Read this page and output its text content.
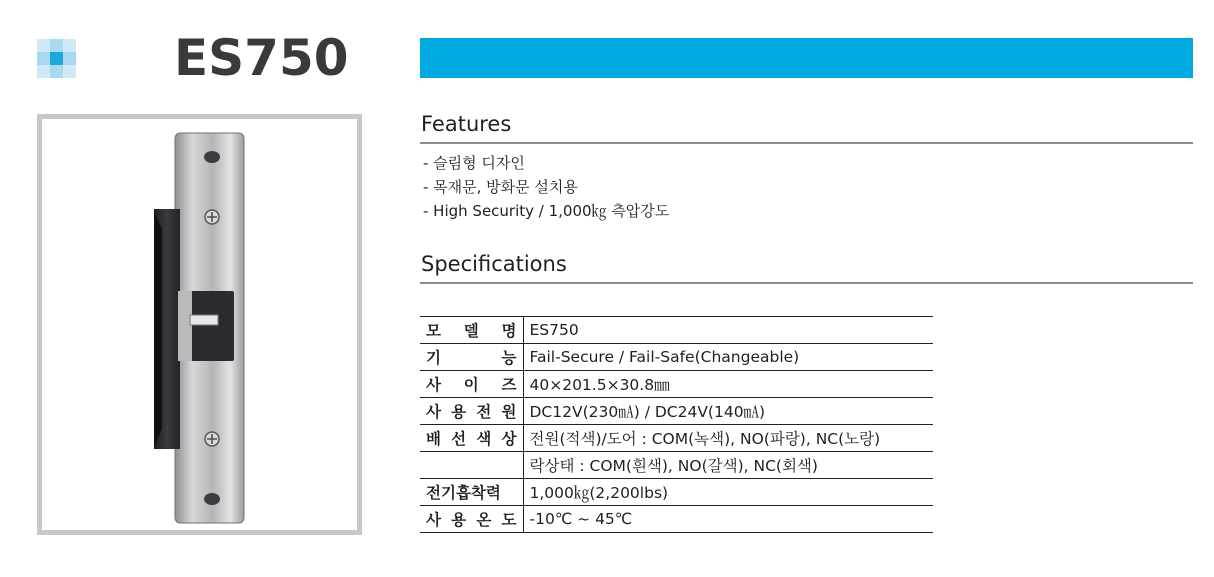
ES750
Features
- 슬림형 디자인
- 목재문, 방화문 설치용
- High Security / 1,000㎏ 측압강도
Specifications
모 델 명	ES750
기 능	Fail-Secure / Fail-Safe(Changeable)
사 이 즈	40×201.5×30.8㎜
사 용 전 원	DC12V(230㎃) / DC24V(140㎃)
배 선 색 상	전원(적색)/도어 : COM(녹색), NO(파랑), NC(노랑)
	락상태 : COM(흰색), NO(갈색), NC(회색)
전기흡착력	1,000㎏(2,200lbs)
사 용 온 도	-10℃ ~ 45℃
